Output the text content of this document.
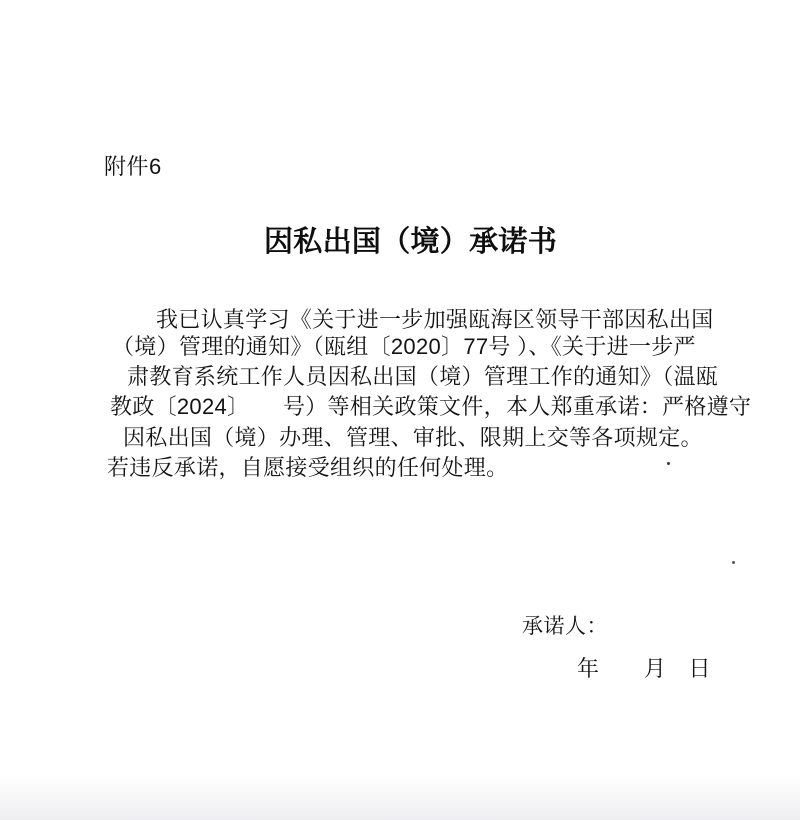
附件6
因私出国（境）承诺书
我已认真学习《关于进一步加强瓯海区领导干部因私出国
（境）管理的通知》（瓯组〔2020〕77号 ）、《关于进一步严
肃教育系统工作人员因私出国（境）管理工作的通知》（温瓯
教政〔2024〕　　号）等相关政策文件，本人郑重承诺：严格遵守
因私出国（境）办理、管理、审批、限期上交等各项规定。
若违反承诺，自愿接受组织的任何处理。
承诺人：
年　　月　日
